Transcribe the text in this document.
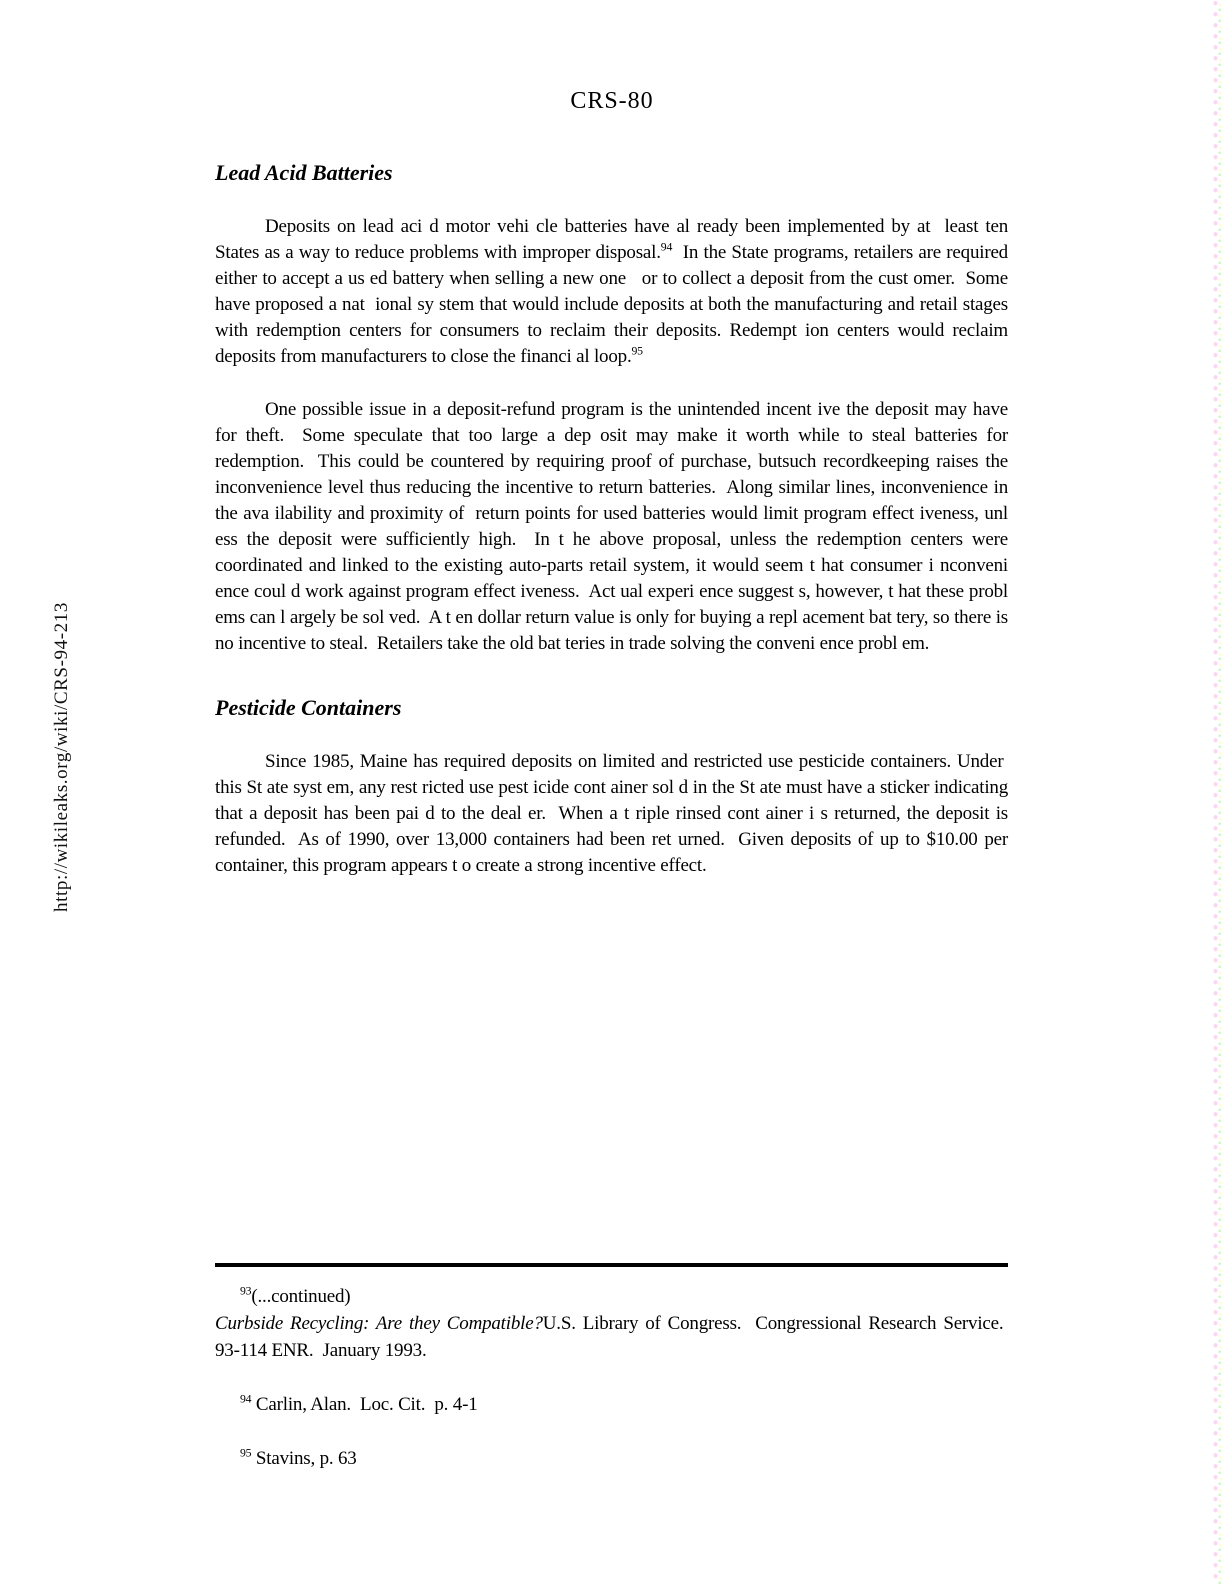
http://wikileaks.org/wiki/CRS-94-213
CRS-80
Lead Acid Batteries

Deposits on lead aci d motor vehi cle batteries have al ready been implemented by at  least ten States as a way to reduce problems with improper disposal.$^{94}$  In the State programs, retailers are required either to accept a us ed battery when selling a new one   or to collect a deposit from the cust omer.  Some have proposed a nat  ional sy stem that would include deposits at both the manufacturing and retail stages with redemption centers for consumers to reclaim their deposits. Redempt ion centers would reclaim deposits from manufacturers to close the financi al loop.$^{95}$

One possible issue in a deposit-refund program is the unintended incent ive the deposit may have for theft.  Some speculate that too large a dep osit may make it worth while to steal batteries for redemption.  This could be countered by requiring proof of purchase, butsuch recordkeeping raises the inconvenience level thus reducing the incentive to return batteries.  Along similar lines, inconvenience in the ava ilability and proximity of  return points for used batteries would limit program effect iveness, unl ess the deposit were sufficiently high.  In t he above proposal, unless the redemption centers were coordinated and linked to the existing auto-parts retail system, it would seem t hat consumer i nconveni ence coul d work against program effect iveness.  Act ual experi ence suggest s, however, t hat these probl ems can l argely be sol ved.  A t en dollar return value is only for buying a repl acement bat tery, so there is no incentive to steal.  Retailers take the old bat teries in trade solving the conveni ence probl em.

Pesticide Containers

Since 1985, Maine has required deposits on limited and restricted use pesticide containers. Under  this St ate syst em, any rest ricted use pest icide cont ainer sol d in the St ate must have a sticker indicating that a deposit has been pai d to the deal er.  When a t riple rinsed cont ainer i s returned, the deposit is refunded.  As of 1990, over 13,000 containers had been ret urned.  Given deposits of up to $10.00 per container, this program appears t o create a strong incentive effect.

$^{93}$(...continued)

Curbside Recycling: Are they Compatible?U.S. Library of Congress.  Congressional Research Service.  93-114 ENR.  January 1993.

$^{94}$ Carlin, Alan.  Loc. Cit.  p. 4-1

$^{95}$ Stavins, p. 63
